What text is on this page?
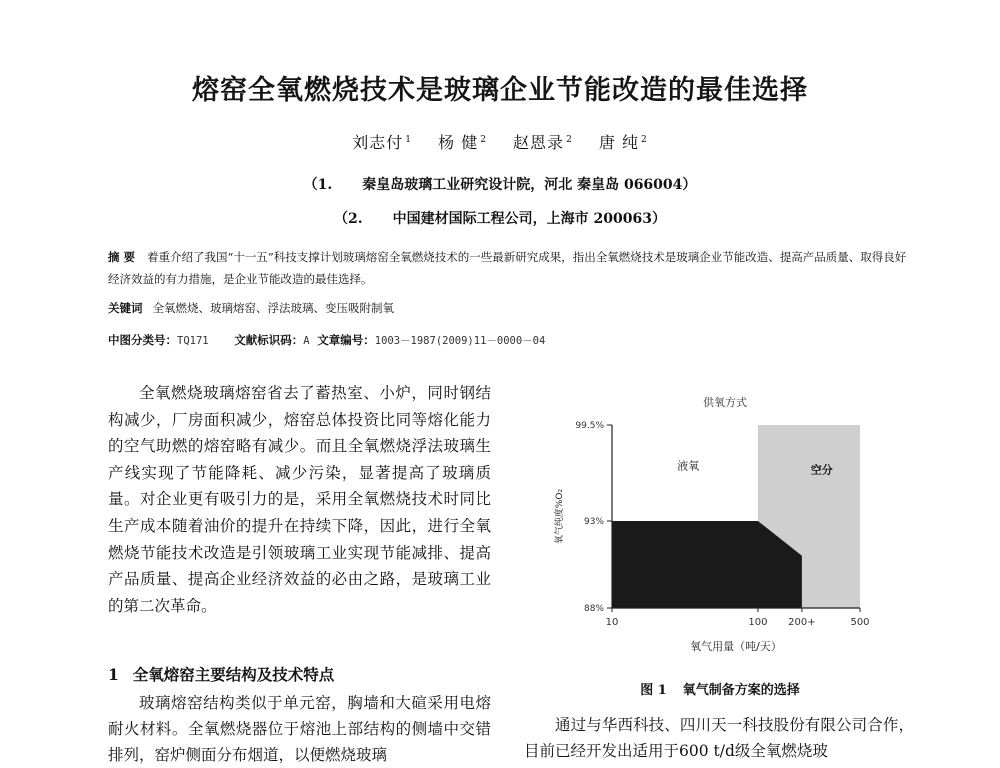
熔窑全氧燃烧技术是玻璃企业节能改造的最佳选择
刘志付 $^1$ 杨 健 $^2$ 赵恩录 $^2$ 唐 纯 $^2$
（1. 秦皇岛玻璃工业研究设计院，河北 秦皇岛 066004）
（2. 中国建材国际工程公司，上海市 200063）
摘 要 着重介绍了我国“十一五”科技支撑计划玻璃熔窑全氧燃烧技术的一些最新研究成果，指出全氧燃烧技术是玻璃企业节能改造、提高产品质量、取得良好经济效益的有力措施，是企业节能改造的最佳选择。
关键词 全氧燃烧、玻璃熔窑、浮法玻璃、变压吸附制氧
中图分类号：TQ171 文献标识码：A 文章编号：1003－1987(2009)11－0000－04

全氧燃烧玻璃熔窑省去了蓄热室、小炉，同时钢结构减少，厂房面积减少，熔窑总体投资比同等熔化能力的空气助燃的熔窑略有减少。而且全氧燃烧浮法玻璃生产线实现了节能降耗、减少污染，显著提高了玻璃质量。对企业更有吸引力的是，采用全氧燃烧技术时同比生产成本随着油价的提升在持续下降，因此，进行全氧燃烧节能技术改造是引领玻璃工业实现节能减排、提高产品质量、提高企业经济效益的必由之路，是玻璃工业的第二次革命。

1 全氧熔窑主要结构及技术特点

玻璃熔窑结构类似于单元窑，胸墙和大碹采用电熔耐火材料。全氧燃烧器位于熔池上部结构的侧墙中交错排列，窑炉侧面分布烟道，以便燃烧玻璃

通过与华西科技、四川天一科技股份有限公司合作，目前已经开发出适用于600 t/d级全氧燃烧玻

供氧方式
99.5%
93%
88%
10	100 200+	500
液氧	空分
氧气用量（吨/天）
氧气纯度%O₂
图 1 氧气制备方案的选择
